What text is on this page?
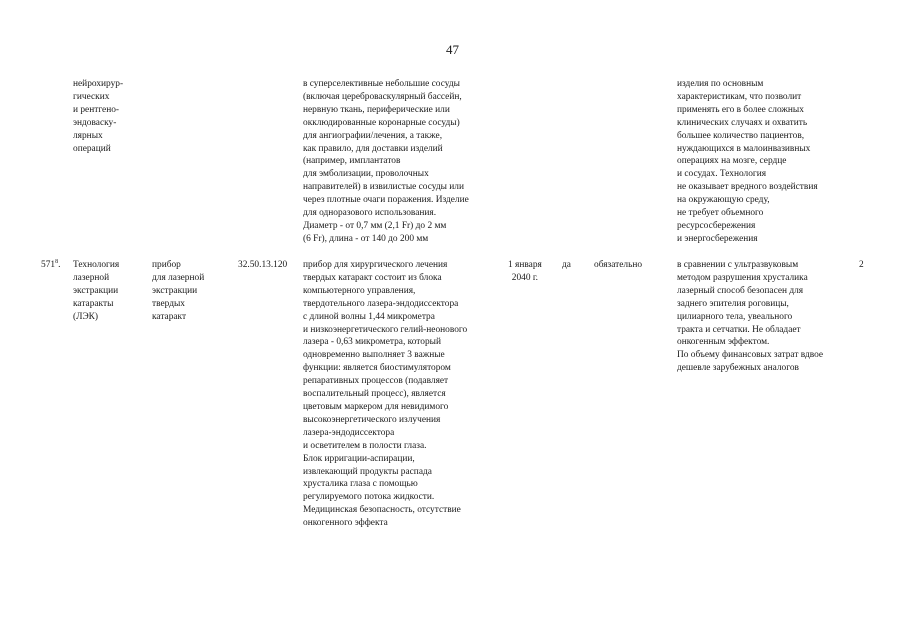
47
нейрохирур-
гических
и рентгено-
эндоваску-
лярных
операций
в суперселективные небольшие сосуды
(включая цереброваскулярный бассейн,
нервную ткань, периферические или
окклюдированные коронарные сосуды)
для ангиографии/лечения, а также,
как правило, для доставки изделий
(например, имплантатов
для эмболизации, проволочных
направителей) в извилистые сосуды или
через плотные очаги поражения. Изделие
для одноразового использования.
Диаметр - от 0,7 мм (2,1 Fr) до 2 мм
(6 Fr), длина - от 140 до 200 мм
изделия по основным
характеристикам, что позволит
применять его в более сложных
клинических случаях и охватить
большее количество пациентов,
нуждающихся в малоинвазивных
операциях на мозге, сердце
и сосудах. Технология
не оказывает вредного воздействия
на окружающую среду,
не требует объемного
ресурсосбережения
и энергосбережения
$571^8$. Технология
лазерной
экстракции
катаракты
(ЛЭК)
прибор
для лазерной
экстракции
твердых
катаракт
32.50.13.120 прибор для хирургического лечения
твердых катаракт состоит из блока
компьютерного управления,
твердотельного лазера-эндодиссектора
с длиной волны 1,44 микрометра
и низкоэнергетического гелий-неонового
лазера - 0,63 микрометра, который
одновременно выполняет 3 важные
функции: является биостимулятором
репаративных процессов (подавляет
воспалительный процесс), является
цветовым маркером для невидимого
высокоэнергетического излучения
лазера-эндодиссектора
и осветителем в полости глаза.
Блок ирригации-аспирации,
извлекающий продукты распада
хрусталика глаза с помощью
регулируемого потока жидкости.
Медицинская безопасность, отсутствие
онкогенного эффекта
1 января
2040 г.
да обязательно	в сравнении с ультразвуковым
методом разрушения хрусталика
лазерный способ безопасен для
заднего эпителия роговицы,
цилиарного тела, увеального
тракта и сетчатки. Не обладает
онкогенным эффектом.
По объему финансовых затрат вдвое
дешевле зарубежных аналогов
2
